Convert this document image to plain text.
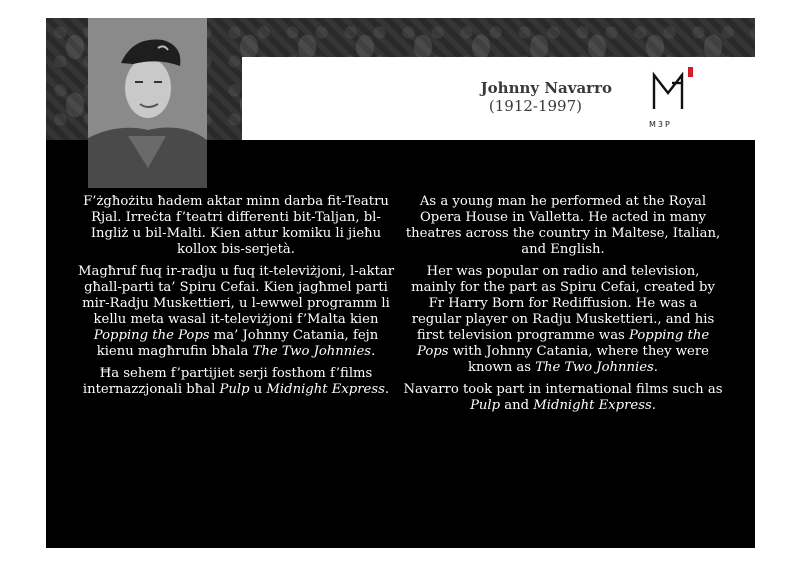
Johnny Navarro
(1912-1997)
M3P

F’żgħożitu ħadem aktar minn darba fit-Teatru Rjal. Irreċta f’teatri differenti bit-Taljan, bl-Ingliż u bil-Malti. Kien attur komiku li jieħu kollox bis-serjetà.

Magħruf fuq ir-radju u fuq it-televiżjoni, l-aktar għall-parti ta’ Spiru Cefai. Kien jagħmel parti mir-Radju Muskettieri, u l-ewwel programm li kellu meta wasal it-televiżjoni f’Malta kien Popping the Pops ma’ Johnny Catania, fejn kienu magħrufin bħala The Two Johnnies.

Ħa sehem f’partijiet serji fosthom f’films internazzjonali bħal Pulp u Midnight Express.

As a young man he performed at the Royal Opera House in Valletta. He acted in many theatres across the country in Maltese, Italian, and English.

Her was popular on radio and television, mainly for the part as Spiru Cefai, created by Fr Harry Born for Rediffusion. He was a regular player on Radju Muskettieri., and his first television programme was Popping the Pops with Johnny Catania, where they were known as The Two Johnnies.

Navarro took part in international films such as Pulp and Midnight Express.
